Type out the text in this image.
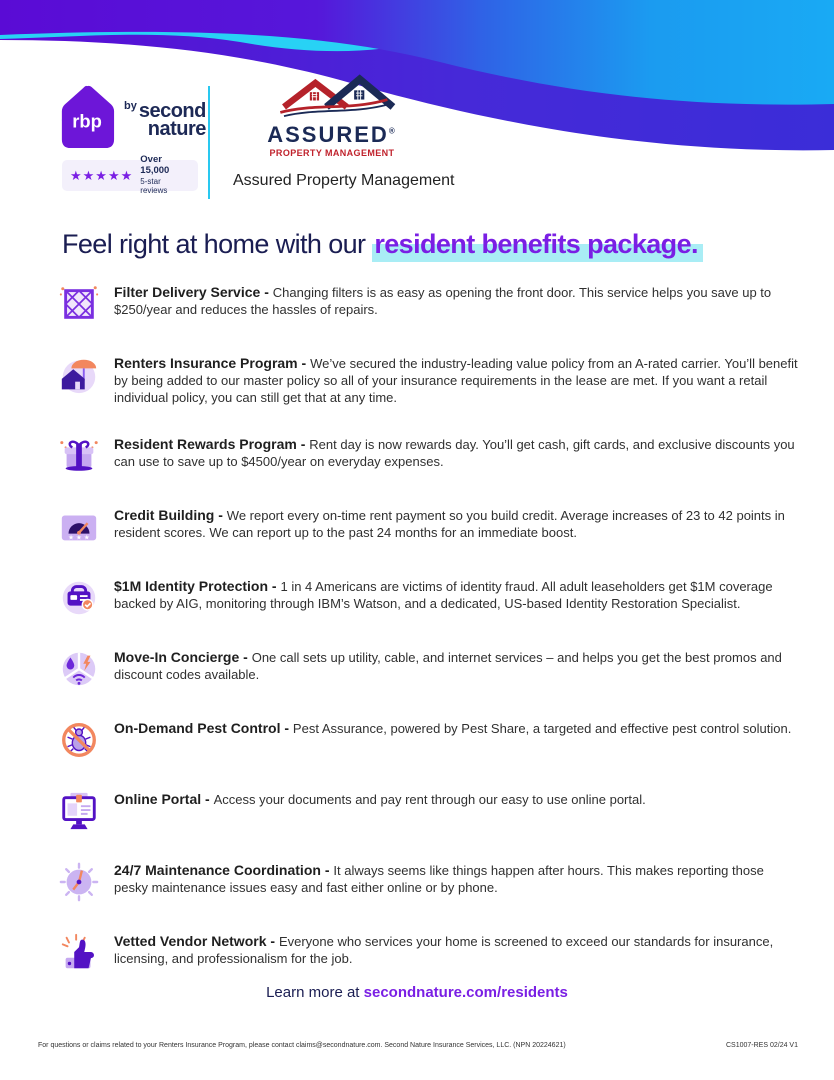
rbp
$^{by}$ second
nature
★★★★★
Over 15,000
5-star reviews
ASSURED®
PROPERTY MANAGEMENT
Assured Property Management
Feel right at home with our resident benefits package.
Filter Delivery Service - Changing filters is as easy as opening the front door. This service helps you save up to $250/year and reduces the hassles of repairs.
Renters Insurance Program - We’ve secured the industry-leading value policy from an A-rated carrier. You’ll benefit by being added to our master policy so all of your insurance requirements in the lease are met. If you want a retail individual policy, you can still get that at any time.
Resident Rewards Program - Rent day is now rewards day. You’ll get cash, gift cards, and exclusive discounts you can use to save up to $4500/year on everyday expenses.
★ ★ ★
Credit Building - We report every on-time rent payment so you build credit. Average increases of 23 to 42 points in resident scores. We can report up to the past 24 months for an immediate boost.
$1M Identity Protection - 1 in 4 Americans are victims of identity fraud. All adult leaseholders get $1M coverage backed by AIG, monitoring through IBM’s Watson, and a dedicated, US-based Identity Restoration Specialist.
Move-In Concierge - One call sets up utility, cable, and internet services – and helps you get the best promos and discount codes available.
On-Demand Pest Control - Pest Assurance, powered by Pest Share, a targeted and effective pest control solution.
Online Portal - Access your documents and pay rent through our easy to use online portal.
24/7 Maintenance Coordination - It always seems like things happen after hours. This makes reporting those pesky maintenance issues easy and fast either online or by phone.
Vetted Vendor Network - Everyone who services your home is screened to exceed our standards for insurance, licensing, and professionalism for the job.
Learn more at secondnature.com/residents
For questions or claims related to your Renters Insurance Program, please contact claims@secondnature.com. Second Nature Insurance Services, LLC. (NPN 20224621)	CS1007-RES 02/24 V1
